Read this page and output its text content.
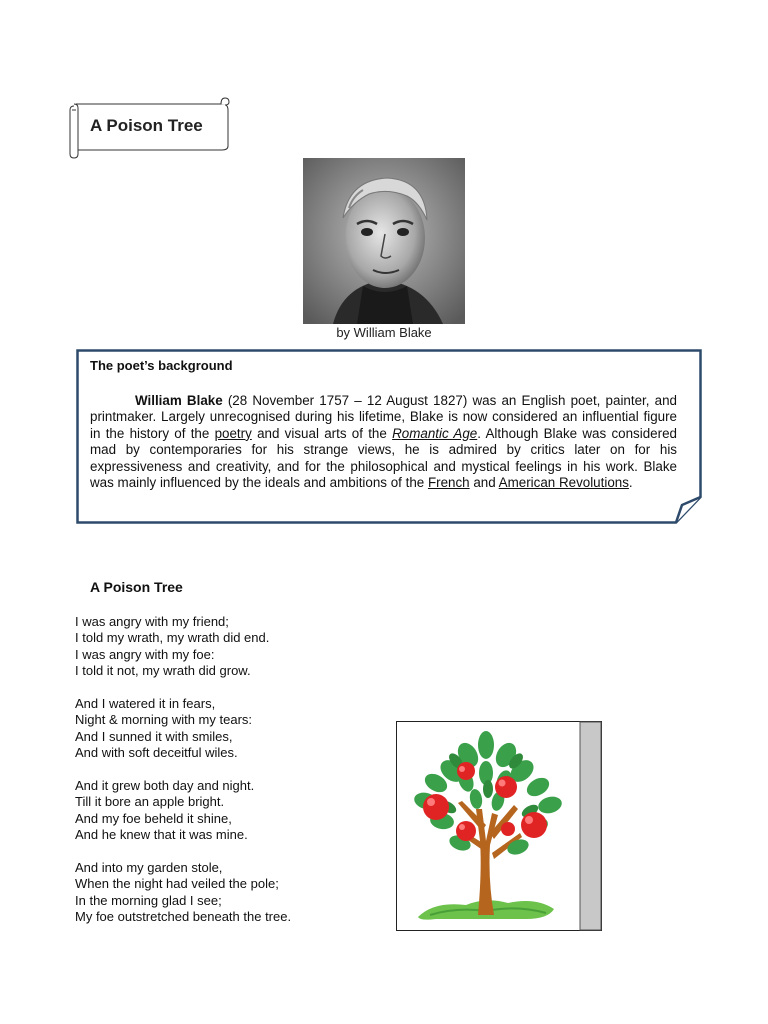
A Poison Tree
by William Blake
The poet’s background
William Blake (28 November 1757 – 12 August 1827) was an English poet, painter, and printmaker. Largely unrecognised during his lifetime, Blake is now considered an influential figure in the history of the poetry and visual arts of the Romantic Age. Although Blake was considered mad by contemporaries for his strange views, he is admired by critics later on for his expressiveness and creativity, and for the philosophical and mystical feelings in his work. Blake was mainly influenced by the ideals and ambitions of the French and American Revolutions.
A Poison Tree
I was angry with my friend;
I told my wrath, my wrath did end.
I was angry with my foe:
I told it not, my wrath did grow.
And I watered it in fears,
Night & morning with my tears:
And I sunned it with smiles,
And with soft deceitful wiles.
And it grew both day and night.
Till it bore an apple bright.
And my foe beheld it shine,
And he knew that it was mine.
And into my garden stole,
When the night had veiled the pole;
In the morning glad I see;
My foe outstretched beneath the tree.
